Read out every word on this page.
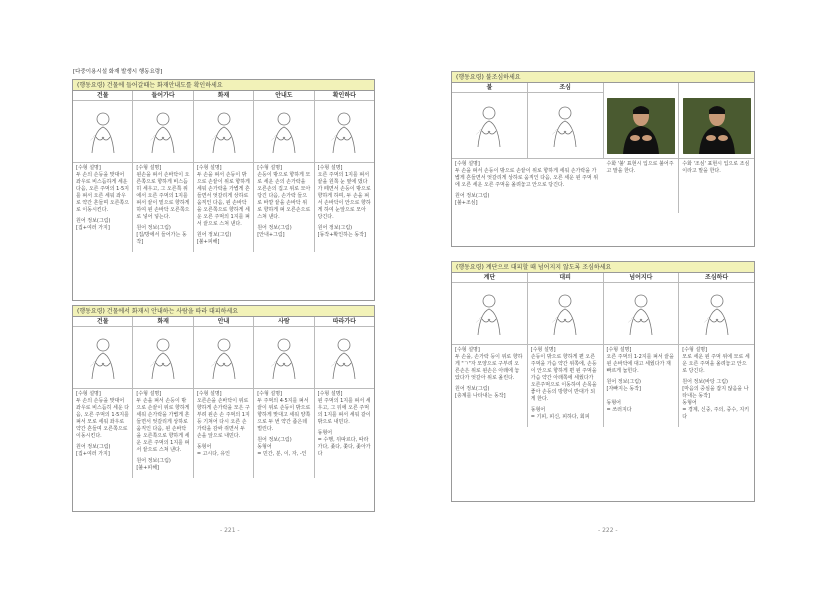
[다중이용시설 화재 발생시 행동요령]
(행동요령) 건물에 들어갈때는 화재안내도를 확인하세요
건물

[수형 설명]
두 손의 손등을 맞대어 좌우로 비스듬하게 세운 다음, 오른 주먹의 1·5지를 펴서 오른 세워 좌우로 약간 흔들며 오른쪽으로 이동시킨다.

원어 정보(그림)
[집+여러 가지]

들어가다

[수형 설명]
왼손을 펴서 손바닥이 오른쪽으로 향하게 비스듬히 세우고, 그 오른쪽 위에서 오른 주먹의 1지를 펴서 끝이 밑으로 향하게 하여 왼 손바닥 오른쪽으로 넣어 넣는다.

원어 정보(그림)
[집/방에서 들어가는 동작]

화재

[수형 설명]
두 손을 펴서 손등이 밖으로 손끝이 위로 향하게 세워 손가락을 가볍게 흔들면서 엇갈리게 상하로 움직인 다음, 왼 손바닥을 오른쪽으로 향하게 세운 오른 주먹의 1지를 펴서 끝으로 스쳐 낸다.

원어 정보(그림)
[불+피해]

안내도

[수형 설명]
손등이 밖으로 향하게 모로 세운 손의 손가락을 오른손의 집고 위로 모아 당긴 다음, 손가락 들으로 바깥 끝을 손바닥 위로 향하게 펴 오른손으로 스쳐 낸다.

원어 정보(그림)
[안내+그림]

확인하다

[수형 설명]
오른 주먹의 1지를 펴서 끝을 원쪽 눈 옆에 댔다가 떼면서 손등이 밖으로 향하게 하며, 두 손을 펴서 손바닥이 안으로 향하게 하여 눈앞으로 모아 당긴다.

원어 정보(그림)
[동작+확인하는 동작]

(행동요령) 건물에서 화재시 안내하는 사람을 따라 대피하세요
건물

[수형 설명]
두 손의 손등을 맞대어 좌우로 비스듬히 세운 다음, 오른 주먹의 1·5지를 펴서 모로 세워 좌우로 약간 흔들며 오른쪽으로 이동시킨다.

원어 정보(그림)
[집+여러 가지]

화재

[수형 설명]
두 손을 펴서 손등이 밖으로 손끝이 위로 향하게 세워 손가락을 가볍게 흔들면서 엇갈리게 상하로 움직인 다음, 왼 손바닥을 오른쪽으로 향하게 세운 오른 주먹의 1지를 펴서 끝으로 스쳐 낸다.

원어 정보(그림)
[불+피해]

안내

[수형 설명]
오른손을 손바닥이 위로 향하게 손가락을 모은 구부려 왼손 손 주먹의 1지 등 기쳐어 다시 오른 손가락을 감싸 쥐면서 두 손을 앞으로 내민다.

동형어
= 고시다, 유인

사람

[수형 설명]
두 주먹의 4·5지를 펴서 끝이 위로 손등이 밖으로 향하게 맞대고 세워 양쪽으로 두 번 약간 좁은데 벌린다.

원어 정보(그림)
동형어
= 민간, 분, 이, 자, -인

따라가다

[수형 설명]
왼 주먹의 1지를 펴서 세우고, 그 뒤에 오른 주먹의 1지를 펴서 세워 같이 밖으로 내민다.

동형어
= 수행, 뒤따르다, 따라가다, 좇다, 쫓다, 좇아가다

- 221 -
(행동요령) 불조심하세요
불

[수형 설명]
두 손을 펴서 손등이 밖으로 손끝이 위로 향하게 세워 손가락을 가볍게 흔들면서 엇갈리게 상하로 움직인 다음, 오른 세운 왼 주먹 위에 오른 세운 오른 주먹을 올려놓고 안으로 당긴다.

원어 정보(그림)
[불+조심]

조심

수화 '불' 표현시 입으로 불어주고 말을 한다.

수화 '조심' 표현시 입으로 조심이라고 말을 한다.

(행동요령) 계단으로 대피할 때 넘어지지 않도록 조심하세요
계단

[수형 설명]
두 손을, 손가락 등이 위로 향하게 "ㄱ"자 모양으로 구부려 오른손은 위로 왼손은 아래에 놓았다가 엇갈아 위로 올린다.

원어 정보(그림)
[층계를 나타내는 동작]

대피

[수형 설명]
손등이 밖으로 향하게 편 오른 주먹을 가슴 약간 위쪽에, 손등이 안으로 향하게 편 왼 주먹을 가슴 약간 아래쪽에 세웠다가 오른주먹으로 이동하여 손목을 좋아 손등의 방향이 반대가 되게 한다.

동형어
= 기피, 피신, 피하다, 회피

넘어지다

[수형 설명]
오른 주먹의 1·2지를 펴서 끝을 왼 손바닥에 대고 세웠다가 재빠르게 눕힌다.

원어 정보(그림)
[자빠지는 동작]

동형어
= 쓰러지다

조심하다

[수형 설명]
모로 세운 왼 주먹 위에 모로 세운 오른 주먹을 올려놓고 안으로 당긴다.

원어 정보(바탕 그림)
[마음의 중심을 잡지 않음을 나타내는 동작]
동형어
= 경계, 신중, 주의, 중수, 지키다

- 222 -
